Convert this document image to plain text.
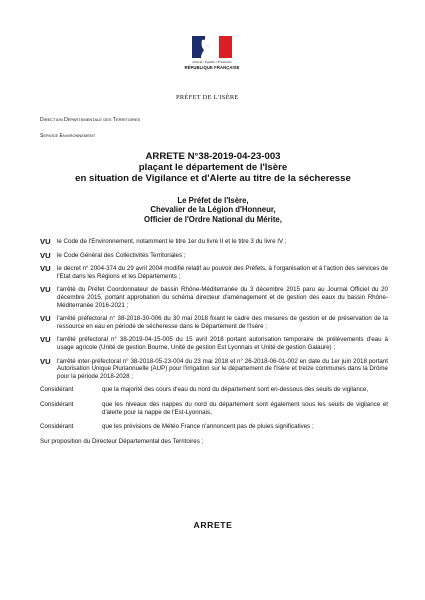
Liberté • Égalité • Fraternité
RÉPUBLIQUE FRANÇAISE
PRÉFET DE L'ISÈRE
Direction Départementale des Territoires
Service Environnement
ARRETE N°38-2019-04-23-003
plaçant le département de l'Isère
en situation de Vigilance et d'Alerte au titre de la sécheresse
Le Préfet de l'Isère,
Chevalier de la Légion d'Honneur,
Officier de l'Ordre National du Mérite,
VU	le Code de l'Environnement, notamment le titre 1er du livre II et le titre 3 du livre IV ;
VU	le Code Général des Collectivités Territoriales ;
VU	le décret n° 2004-374 du 29 avril 2004 modifié relatif au pouvoir des Préfets, à l'organisation et à l'action des services de l'Etat dans les Régions et les Départements ;
VU	l'arrêté du Préfet Coordonnateur de bassin Rhône-Méditerranée du 3 décembre 2015 paru au Journal Officiel du 20 décembre 2015, portant approbation du schéma directeur d'aménagement et de gestion des eaux du bassin Rhône-Méditerranée 2016-2021 ;
VU	l'arrêté préfectoral n° 38-2018-30-006 du 30 mai 2018 fixant le cadre des mesures de gestion et de préservation de la ressource en eau en période de sécheresse dans le Département de l'Isère ;
VU	l'arrêté préfectoral n° 38-2019-04-15-005 du 15 avril 2018 portant autorisation temporaire de prélèvements d'eau à usage agricole (Unité de gestion Bourne, Unité de gestion Est Lyonnais et Unité de gestion Galaure) ;
VU	l'arrêté inter-préfectoral n° 38-2018-05-23-004 du 23 mai 2018 et n° 26-2018-06-01-002 en date du 1er juin 2018 portant Autorisation Unique Pluriannuelle (AUP) pour l'irrigation sur le département de l'Isère et treize communes dans la Drôme pour la période 2018-2028 ;
Considérant	que la majorité des cours d'eau du nord du département sont en-dessous des seuils de vigilance,
Considérant	que les niveaux des nappes du nord du département sont également sous les seuils de vigilance et d'alerte pour la nappe de l'Est-Lyonnais,
Considérant	que les prévisions de Météo France n'annoncent pas de pluies significatives ;
Sur proposition du Directeur Départemental des Territoires ;
ARRETE
